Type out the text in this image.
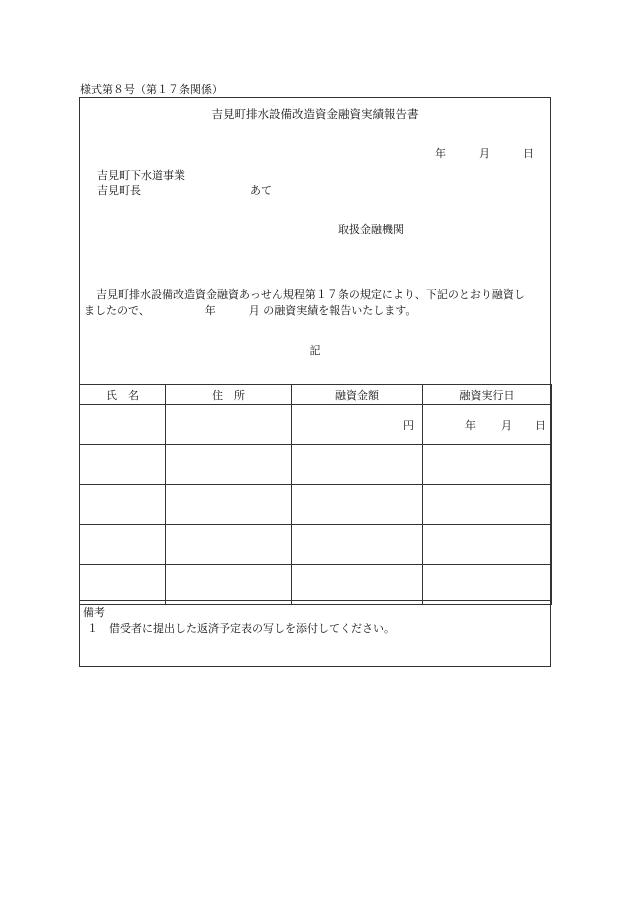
様式第８号（第１７条関係）
吉見町排水設備改造資金融資実績報告書
年	月	日
吉見町下水道事業
吉見町長	あて
取扱金融機関
吉見町排水設備改造資金融資あっせん規程第１７条の規定により、下記のとおり融資し
ましたので、	年	月 の融資実績を報告いたします。
記
氏　名	住　所	融資金額	融資実行日
		円	年 月 日

備考
１　借受者に提出した返済予定表の写しを添付してください。
